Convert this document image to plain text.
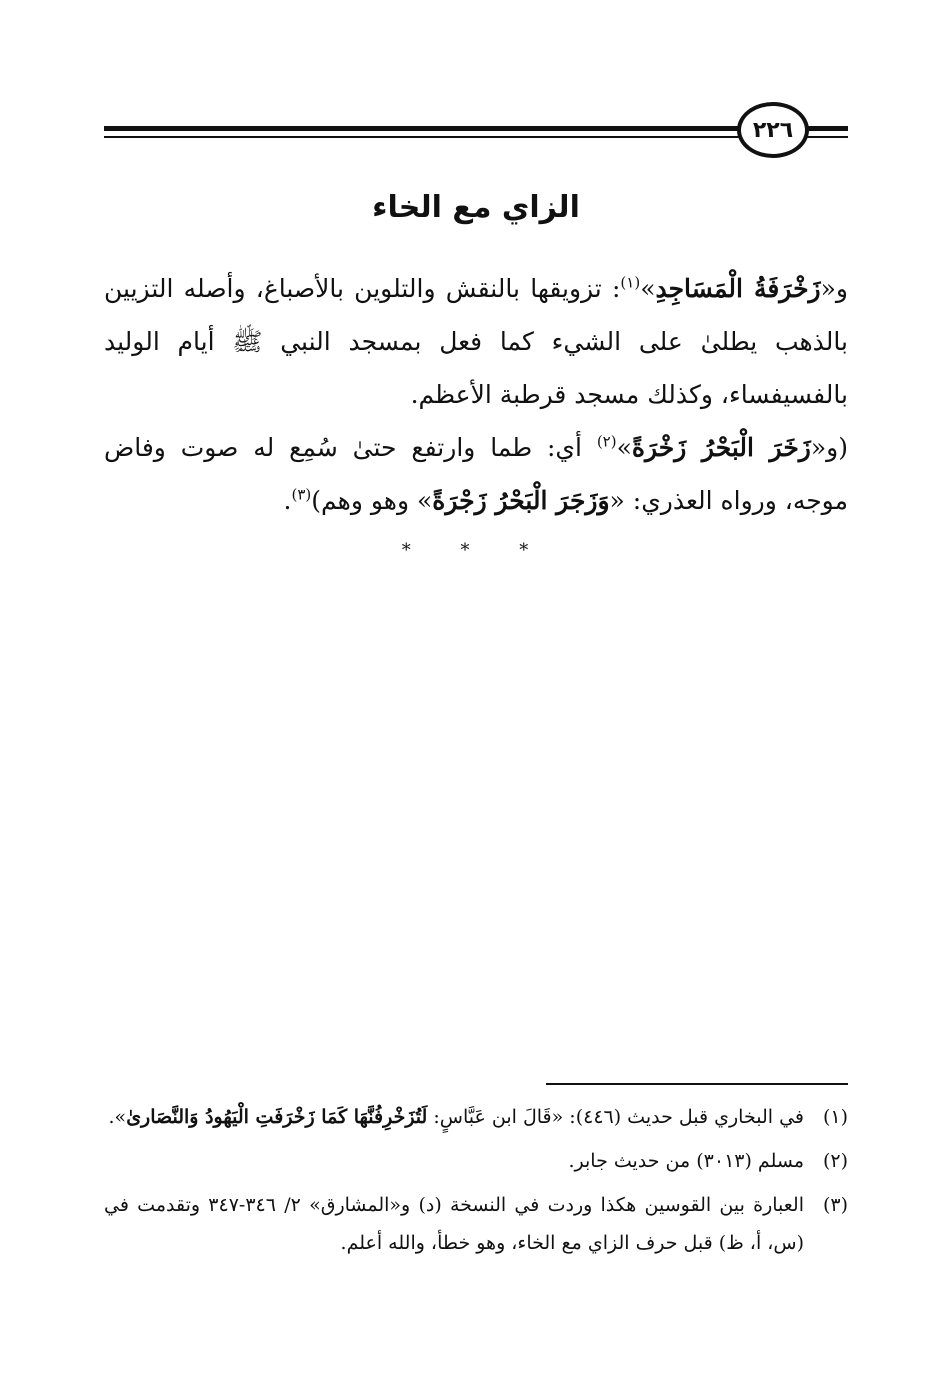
٢٢٦
الزاي مع الخاء

و«زَخْرَفَةُ الْمَسَاجِدِ»$^{(١)}$: تزويقها بالنقش والتلوين بالأصباغ، وأصله التزيين بالذهب يطلىٰ على الشيء كما فعل بمسجد النبي ﷺ أيام الوليد بالفسيفساء، وكذلك مسجد قرطبة الأعظم.

(و«زَخَرَ الْبَحْرُ زَخْرَةً»$^{(٢)}$ أي: طما وارتفع حتىٰ سُمِع له صوت وفاض موجه، ورواه العذري: «وَزَجَرَ الْبَحْرُ زَجْرَةً» وهو وهم)$^{(٣)}$.

* * *
(١)
في البخاري قبل حديث (٤٤٦): «قَالَ ابن عَبَّاسٍ: لَتُزَخْرِفُنَّهَا كَمَا زَخْرَفَتِ الْيَهُودُ وَالنَّصَارىٰ».
(٢)
مسلم (٣٠١٣) من حديث جابر.
(٣)
العبارة بين القوسين هكذا وردت في النسخة (د) و«المشارق» ٢/ ٣٤٦-٣٤٧ وتقدمت في (س، أ، ظ) قبل حرف الزاي مع الخاء، وهو خطأ، والله أعلم.
